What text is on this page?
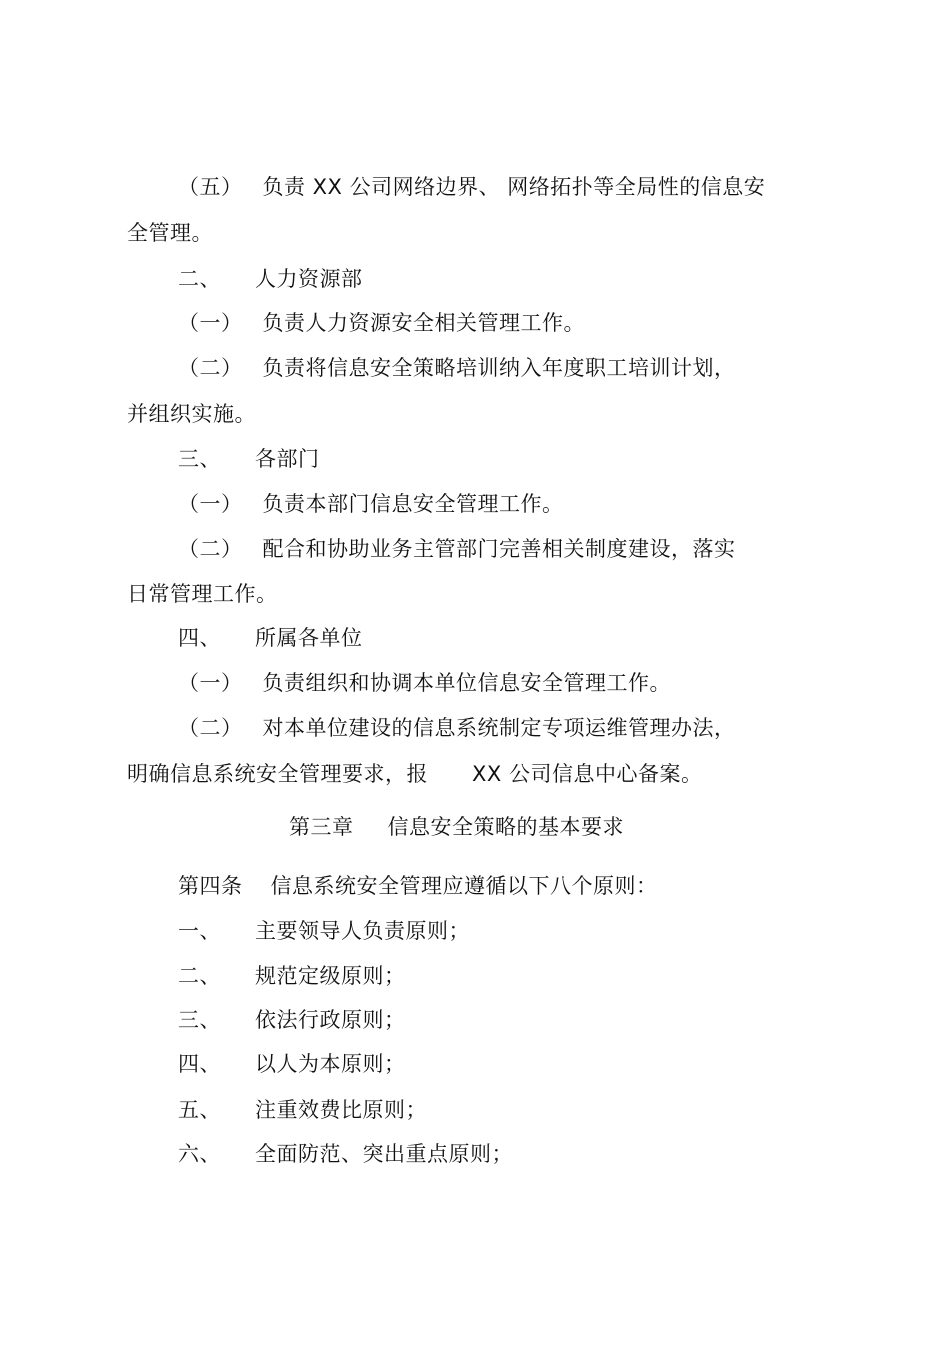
（五） 负责 XX 公司网络边界、 网络拓扑等全局性的信息安
全管理。
二、 人力资源部
（一） 负责人力资源安全相关管理工作。
（二） 负责将信息安全策略培训纳入年度职工培训计划，
并组织实施。
三、 各部门
（一） 负责本部门信息安全管理工作。
（二） 配合和协助业务主管部门完善相关制度建设，落实
日常管理工作。
四、 所属各单位
（一） 负责组织和协调本单位信息安全管理工作。
（二） 对本单位建设的信息系统制定专项运维管理办法，
明确信息系统安全管理要求，报 XX 公司信息中心备案。
第三章 信息安全策略的基本要求
第四条 信息系统安全管理应遵循以下八个原则：
一、 主要领导人负责原则；
二、 规范定级原则；
三、 依法行政原则；
四、 以人为本原则；
五、 注重效费比原则；
六、 全面防范、突出重点原则；
